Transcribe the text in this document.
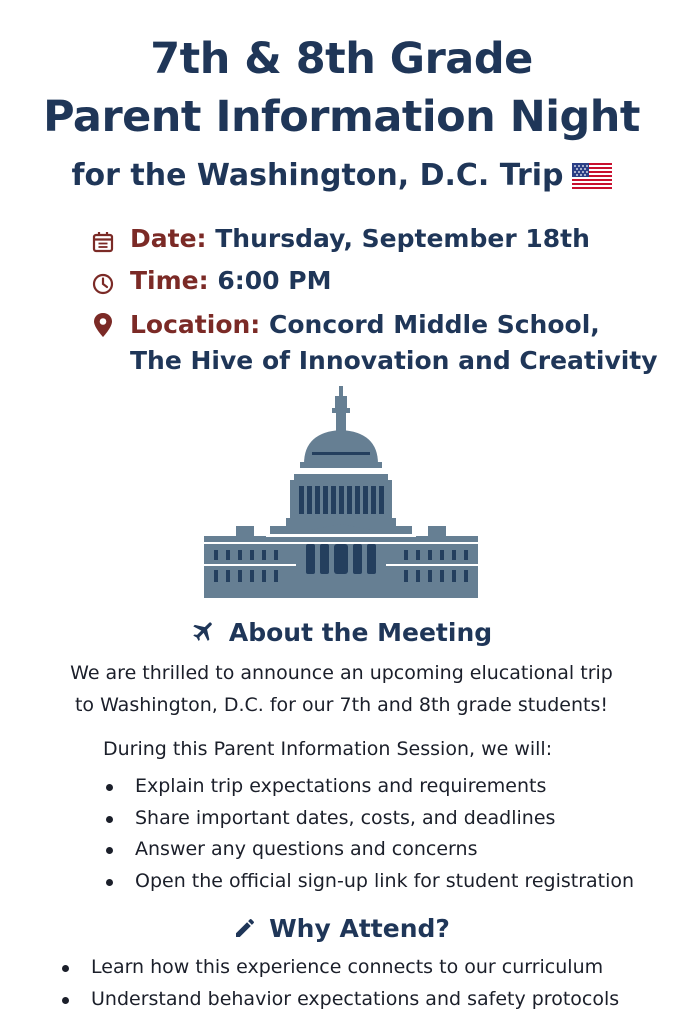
7th & 8th Grade
Parent Information Night
for the Washington, D.C. Trip
Date: Thursday, September 18th
Time: 6:00 PM
Location: Concord Middle School,
The Hive of Innovation and Creativity
About the Meeting
We are thrilled to announce an upcoming elucational trip
to Washington, D.C. for our 7th and 8th grade students!
During this Parent Information Session, we will:
Explain trip expectations and requirements
Share important dates, costs, and deadlines
Answer any questions and concerns
Open the official sign-up link for student registration
Why Attend?
Learn how this experience connects to our curriculum
Understand behavior expectations and safety protocols
